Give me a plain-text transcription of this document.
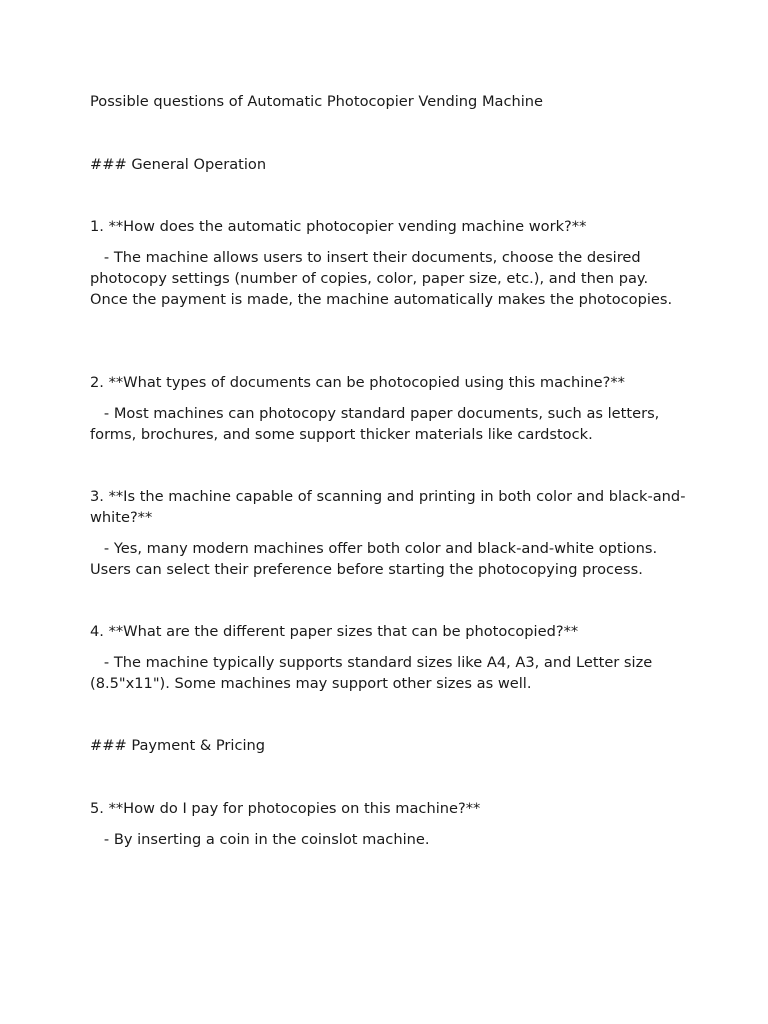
Possible questions of Automatic Photocopier Vending Machine

### General Operation

1. **How does the automatic photocopier vending machine work?**

- The machine allows users to insert their documents, choose the desired photocopy settings (number of copies, color, paper size, etc.), and then pay. Once the payment is made, the machine automatically makes the photocopies.

2. **What types of documents can be photocopied using this machine?**

- Most machines can photocopy standard paper documents, such as letters, forms, brochures, and some support thicker materials like cardstock.

3. **Is the machine capable of scanning and printing in both color and black-and-white?**

- Yes, many modern machines offer both color and black-and-white options. Users can select their preference before starting the photocopying process.

4. **What are the different paper sizes that can be photocopied?**

- The machine typically supports standard sizes like A4, A3, and Letter size (8.5"x11"). Some machines may support other sizes as well.

### Payment & Pricing

5. **How do I pay for photocopies on this machine?**

- By inserting a coin in the coinslot machine.
